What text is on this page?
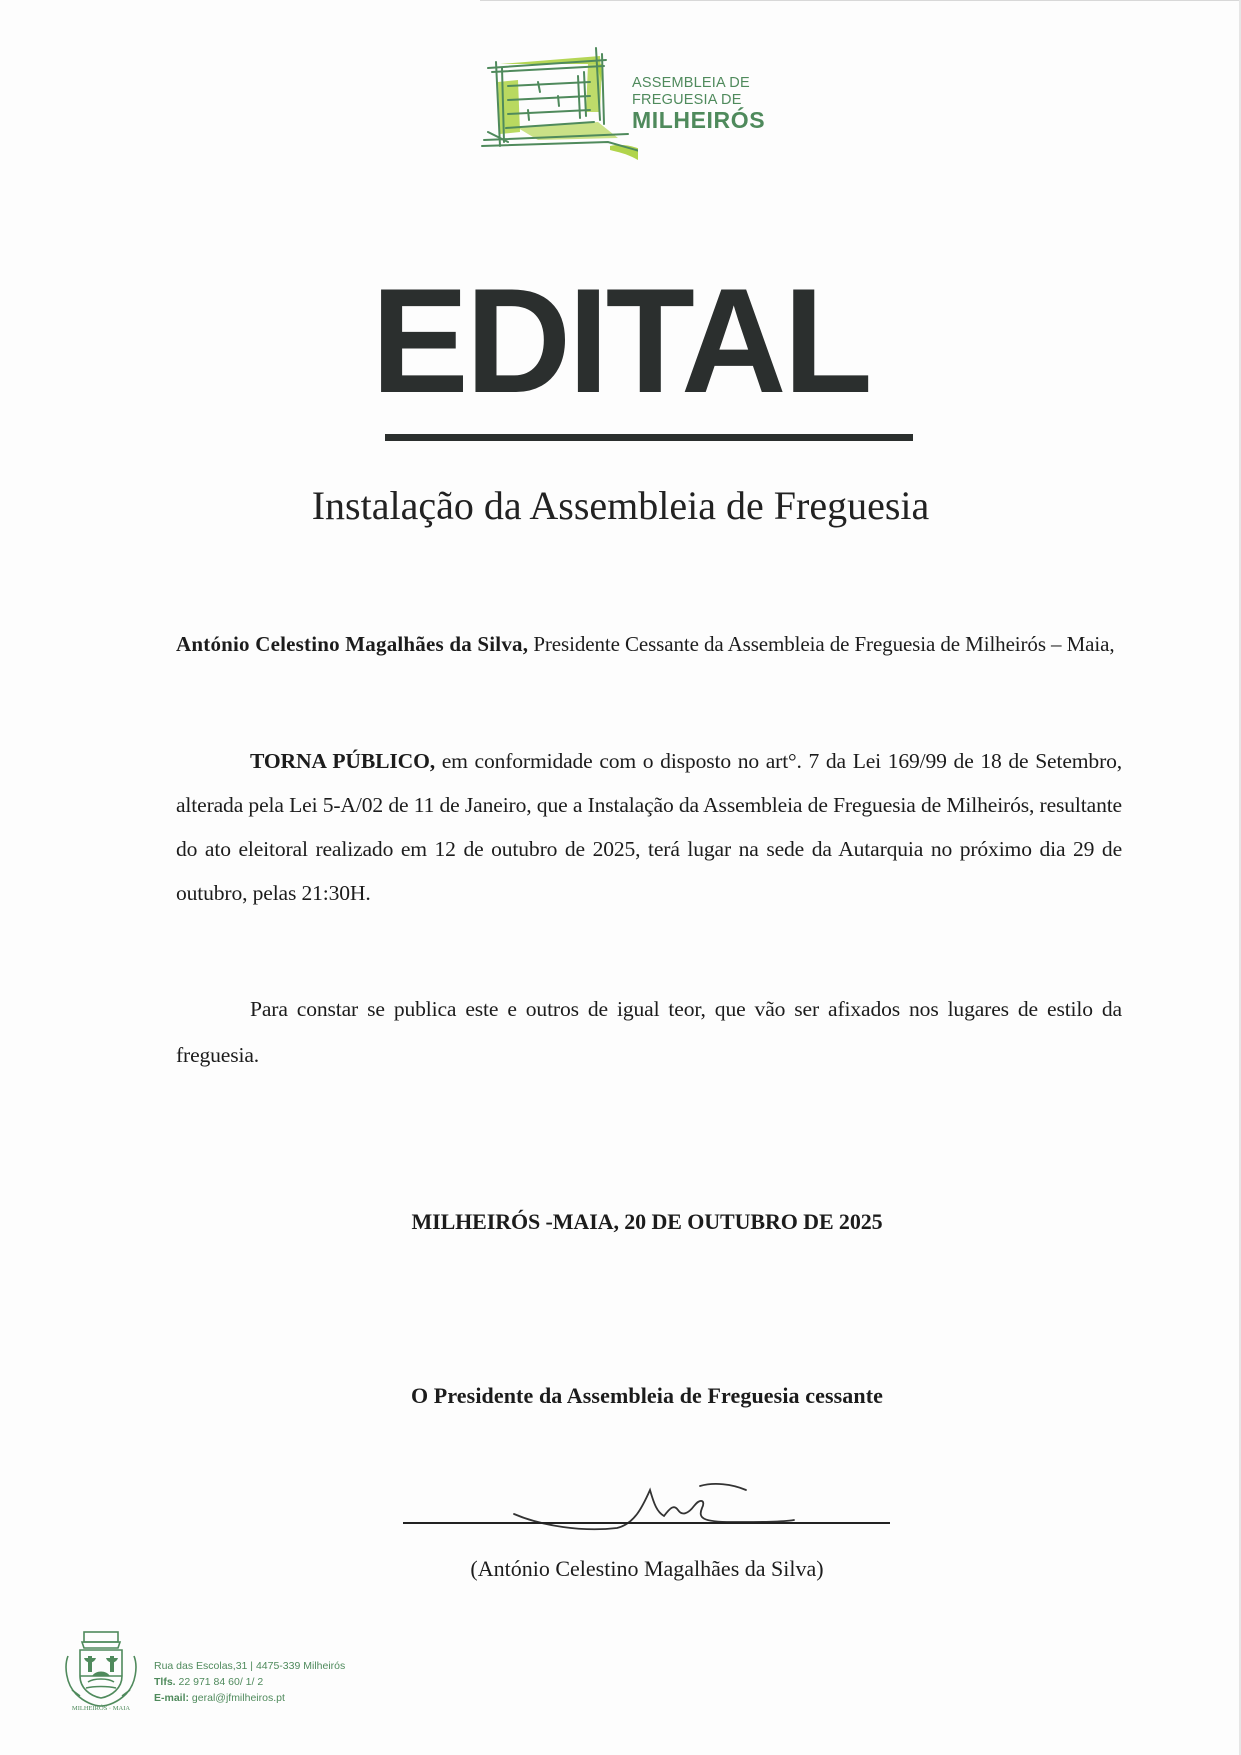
ASSEMBLEIA DE
FREGUESIA DE
MILHEIRÓS
EDITAL
Instalação da Assembleia de Freguesia
António Celestino Magalhães da Silva, Presidente Cessante da Assembleia de Freguesia de Milheirós – Maia,
TORNA PÚBLICO, em conformidade com o disposto no art°. 7 da Lei 169/99 de 18 de Setembro, alterada pela Lei 5-A/02 de 11 de Janeiro, que a Instalação da Assembleia de Freguesia de Milheirós, resultante do ato eleitoral realizado em 12 de outubro de 2025, terá lugar na sede da Autarquia no próximo dia 29 de outubro, pelas 21:30H.
Para constar se publica este e outros de igual teor, que vão ser afixados nos lugares de estilo da freguesia.
MILHEIRÓS -MAIA, 20 DE OUTUBRO DE 2025
O Presidente da Assembleia de Freguesia cessante
(António Celestino Magalhães da Silva)
MILHEIRÓS · MAIA
Rua das Escolas,31 | 4475-339 Milheirós
Tlfs. 22 971 84 60/ 1/ 2
E-mail: geral@jfmilheiros.pt
